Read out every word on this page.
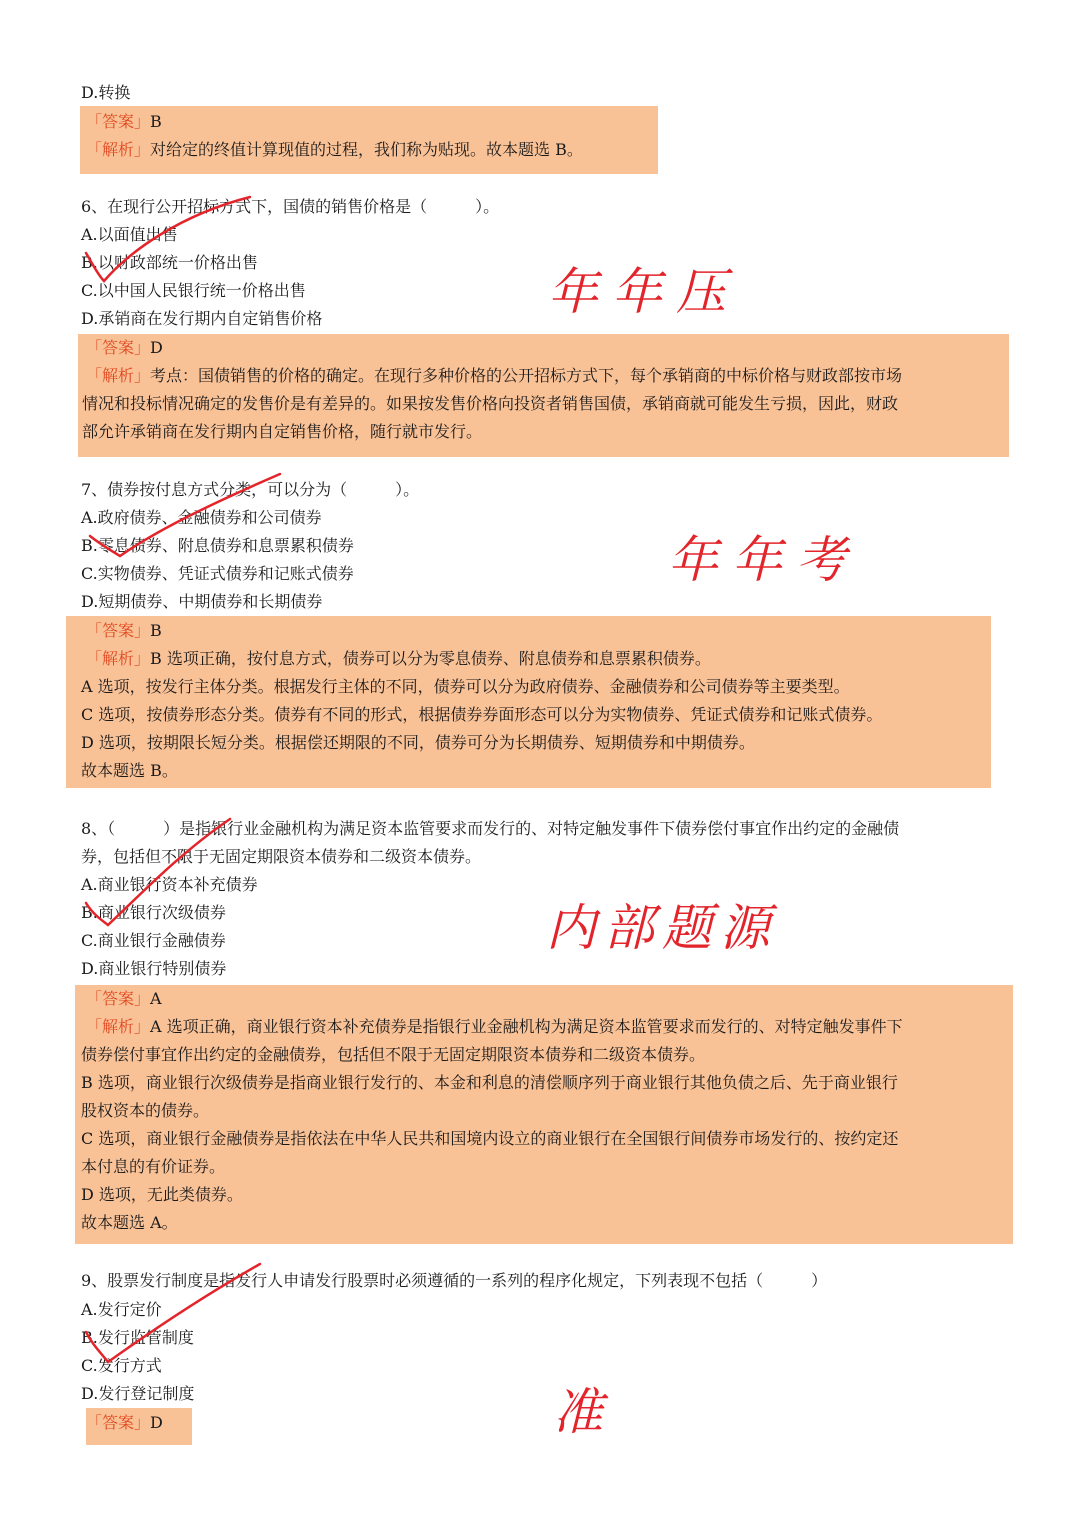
D.转换
「答案」B
「解析」对给定的终值计算现值的过程，我们称为贴现。故本题选 B。
6、在现行公开招标方式下，国债的销售价格是（　　　）。
A.以面值出售
B.以财政部统一价格出售
C.以中国人民银行统一价格出售
D.承销商在发行期内自定销售价格
「答案」D
「解析」考点：国债销售的价格的确定。在现行多种价格的公开招标方式下，每个承销商的中标价格与财政部按市场
情况和投标情况确定的发售价是有差异的。如果按发售价格向投资者销售国债，承销商就可能发生亏损，因此，财政
部允许承销商在发行期内自定销售价格，随行就市发行。
7、债券按付息方式分类，可以分为（　　　）。
A.政府债券、金融债券和公司债券
B.零息债券、附息债券和息票累积债券
C.实物债券、凭证式债券和记账式债券
D.短期债券、中期债券和长期债券
「答案」B
「解析」B 选项正确，按付息方式，债券可以分为零息债券、附息债券和息票累积债券。
A 选项，按发行主体分类。根据发行主体的不同，债券可以分为政府债券、金融债券和公司债券等主要类型。
C 选项，按债券形态分类。债券有不同的形式，根据债券券面形态可以分为实物债券、凭证式债券和记账式债券。
D 选项，按期限长短分类。根据偿还期限的不同，债券可分为长期债券、短期债券和中期债券。
故本题选 B。
8、（　　　）是指银行业金融机构为满足资本监管要求而发行的、对特定触发事件下债券偿付事宜作出约定的金融债
券，包括但不限于无固定期限资本债券和二级资本债券。
A.商业银行资本补充债券
B.商业银行次级债券
C.商业银行金融债券
D.商业银行特别债券
「答案」A
「解析」A 选项正确，商业银行资本补充债券是指银行业金融机构为满足资本监管要求而发行的、对特定触发事件下
债券偿付事宜作出约定的金融债券，包括但不限于无固定期限资本债券和二级资本债券。
B 选项，商业银行次级债券是指商业银行发行的、本金和利息的清偿顺序列于商业银行其他负债之后、先于商业银行
股权资本的债券。
C 选项，商业银行金融债券是指依法在中华人民共和国境内设立的商业银行在全国银行间债券市场发行的、按约定还
本付息的有价证券。
D 选项，无此类债券。
故本题选 A。
9、股票发行制度是指发行人申请发行股票时必须遵循的一系列的程序化规定，下列表现不包括（　　　）
A.发行定价
B.发行监管制度
C.发行方式
D.发行登记制度
「答案」D
年年压
年年考
内部题源
准
